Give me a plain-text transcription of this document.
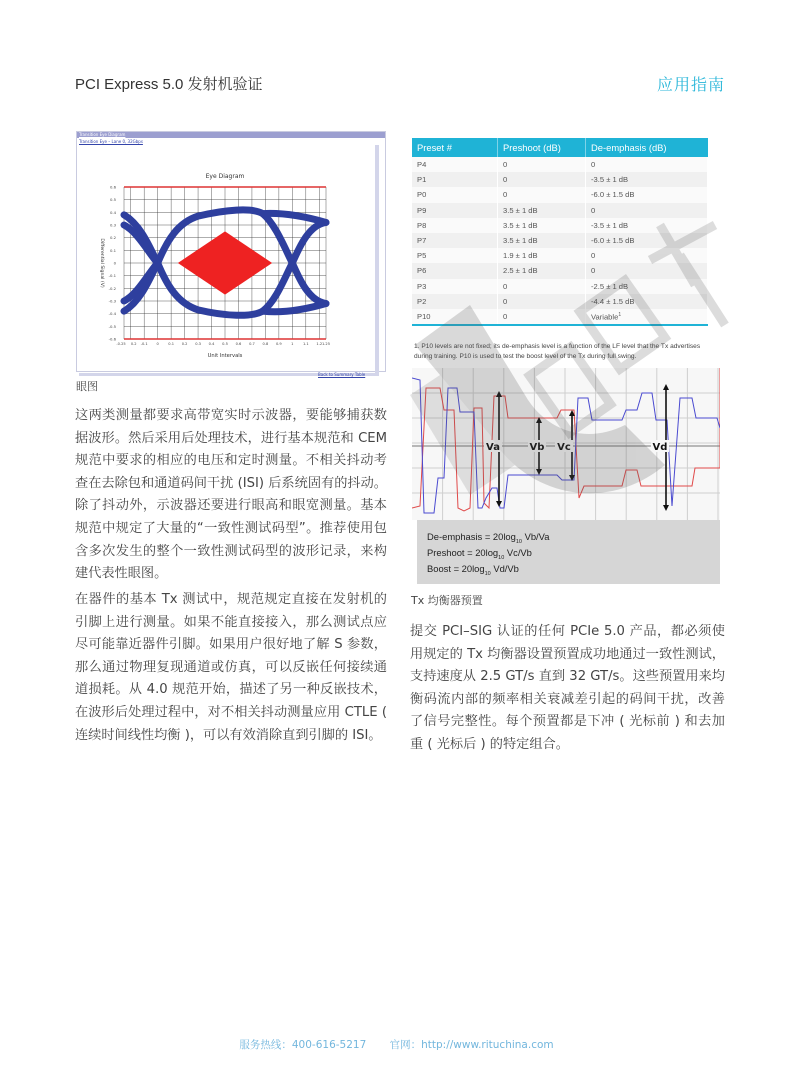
PCI Express 5.0 发射机验证	应用指南
Transition Eye Diagram
Transition Eye – Lane 0, 32Gbps
Eye Diagram
0.6
0.5
0.4
0.3
0.2
0.1
0
-0.1
-0.2
-0.3
-0.4
-0.5
-0.6
-0.25 0.2 -0.1 0	0.1 0.2 0.3 0.4 0.5 0.6 0.7 0.8 0.9	1	1.1 1.2 1.25
Unit Intervals
Differential Signal (V)
Back to Summary Table
眼图

这两类测量都要求高带宽实时示波器，要能够捕获数据波形。然后采用后处理技术，进行基本规范和 CEM 规范中要求的相应的电压和定时测量。不相关抖动考查在去除包和通道码间干扰 (ISI) 后系统固有的抖动。除了抖动外，示波器还要进行眼高和眼宽测量。基本规范中规定了大量的“一致性测试码型”。推荐使用包含多次发生的整个一致性测试码型的波形记录，来构建代表性眼图。

在器件的基本 Tx 测试中，规范规定直接在发射机的引脚上进行测量。如果不能直接接入，那么测试点应尽可能靠近器件引脚。如果用户很好地了解 S 参数，那么通过物理复现通道或仿真，可以反嵌任何接续通道损耗。从 4.0 规范开始，描述了另一种反嵌技术，在波形后处理过程中，对不相关抖动测量应用 CTLE ( 连续时间线性均衡 )，可以有效消除直到引脚的 ISI。

Preset #	Preshoot (dB)	De-emphasis (dB)
P4	0	0
P1	0	-3.5 ± 1 dB
P0	0	-6.0 ± 1.5 dB
P9	3.5 ± 1 dB	0
P8	3.5 ± 1 dB	-3.5 ± 1 dB
P7	3.5 ± 1 dB	-6.0 ± 1.5 dB
P5	1.9 ± 1 dB	0
P6	2.5 ± 1 dB	0
P3	0	-2.5 ± 1 dB
P2	0	-4.4 ± 1.5 dB
P10	0	Variable$^1$
1. P10 levels are not fixed; its de-emphasis level is a function of the LF level that the Tx advertises during training. P10 is used to test the boost level of the Tx during full swing.
Va	Vb Vc	Vd
De-emphasis = $20\log_{10}$ Vb/Va
Preshoot = $20\log_{10}$ Vc/Vb
Boost = $20\log_{10}$ Vd/Vb
Tx 均衡器预置

提交 PCI–SIG 认证的任何 PCIe 5.0 产品，都必须使用规定的 Tx 均衡器设置预置成功地通过一致性测试，支持速度从 2.5 GT/s 直到 32 GT/s。这些预置用来均衡码流内部的频率相关衰减差引起的码间干扰，改善了信号完整性。每个预置都是下冲 ( 光标前 ) 和去加重 ( 光标后 ) 的特定组合。

服务热线：400-616-5217 官网：http://www.rituchina.com
